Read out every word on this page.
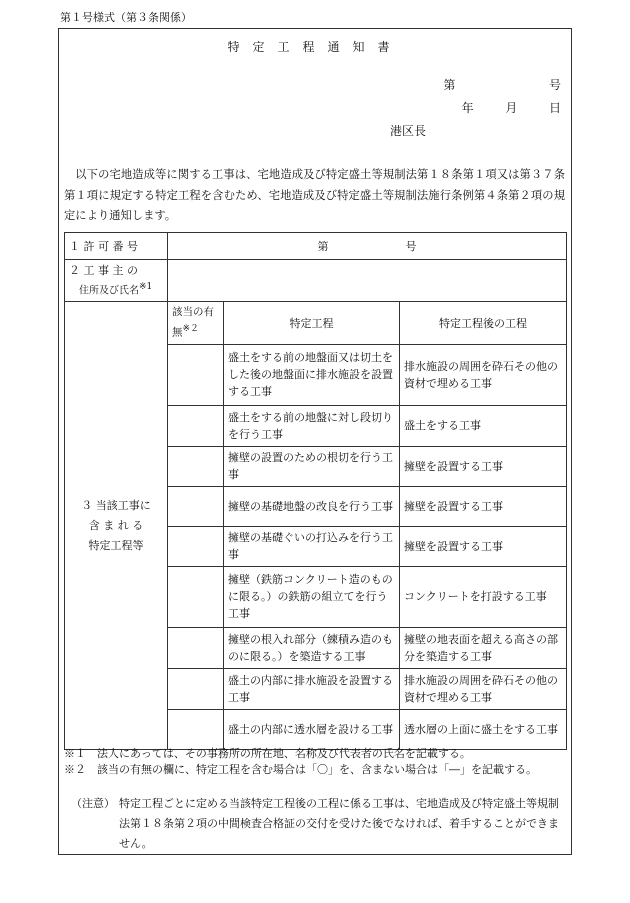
第１号様式（第３条関係）
特定工程通知書
第	号
年	月	日
港区長
以下の宅地造成等に関する工事は、宅地造成及び特定盛土等規制法第１８条第１項又は第３７条第１項に規定する特定工程を含むため、宅地造成及び特定盛土等規制法施行条例第４条第２項の規定により通知します。
１ 許 可 番 号	第 号		

２ 工 事 主 の
住所及び氏名$^{※1}$

３ 当該工事に
含 ま れ る
特定工程等	該当の有無$^{※2}$	特定工程	特定工程後の工程
		盛土をする前の地盤面又は切土をした後の地盤面に排水施設を設置する工事	排水施設の周囲を砕石その他の資材で埋める工事
		盛土をする前の地盤に対し段切りを行う工事	盛土をする工事
		擁壁の設置のための根切を行う工事	擁壁を設置する工事
		擁壁の基礎地盤の改良を行う工事	擁壁を設置する工事
		擁壁の基礎ぐいの打込みを行う工事	擁壁を設置する工事
		擁壁（鉄筋コンクリート造のものに限る。）の鉄筋の組立てを行う工事	コンクリートを打設する工事
		擁壁の根入れ部分（練積み造のものに限る。）を築造する工事	擁壁の地表面を超える高さの部分を築造する工事
		盛土の内部に排水施設を設置する工事	排水施設の周囲を砕石その他の資材で埋める工事
		盛土の内部に透水層を設ける工事	透水層の上面に盛土をする工事
※１　法人にあっては、その事務所の所在地、名称及び代表者の氏名を記載する。
※２　該当の有無の欄に、特定工程を含む場合は「〇」を、含まない場合は「―」を記載する。
（注意） 特定工程ごとに定める当該特定工程後の工程に係る工事は、宅地造成及び特定盛土等規制法第１８条第２項の中間検査合格証の交付を受けた後でなければ、着手することができません。
